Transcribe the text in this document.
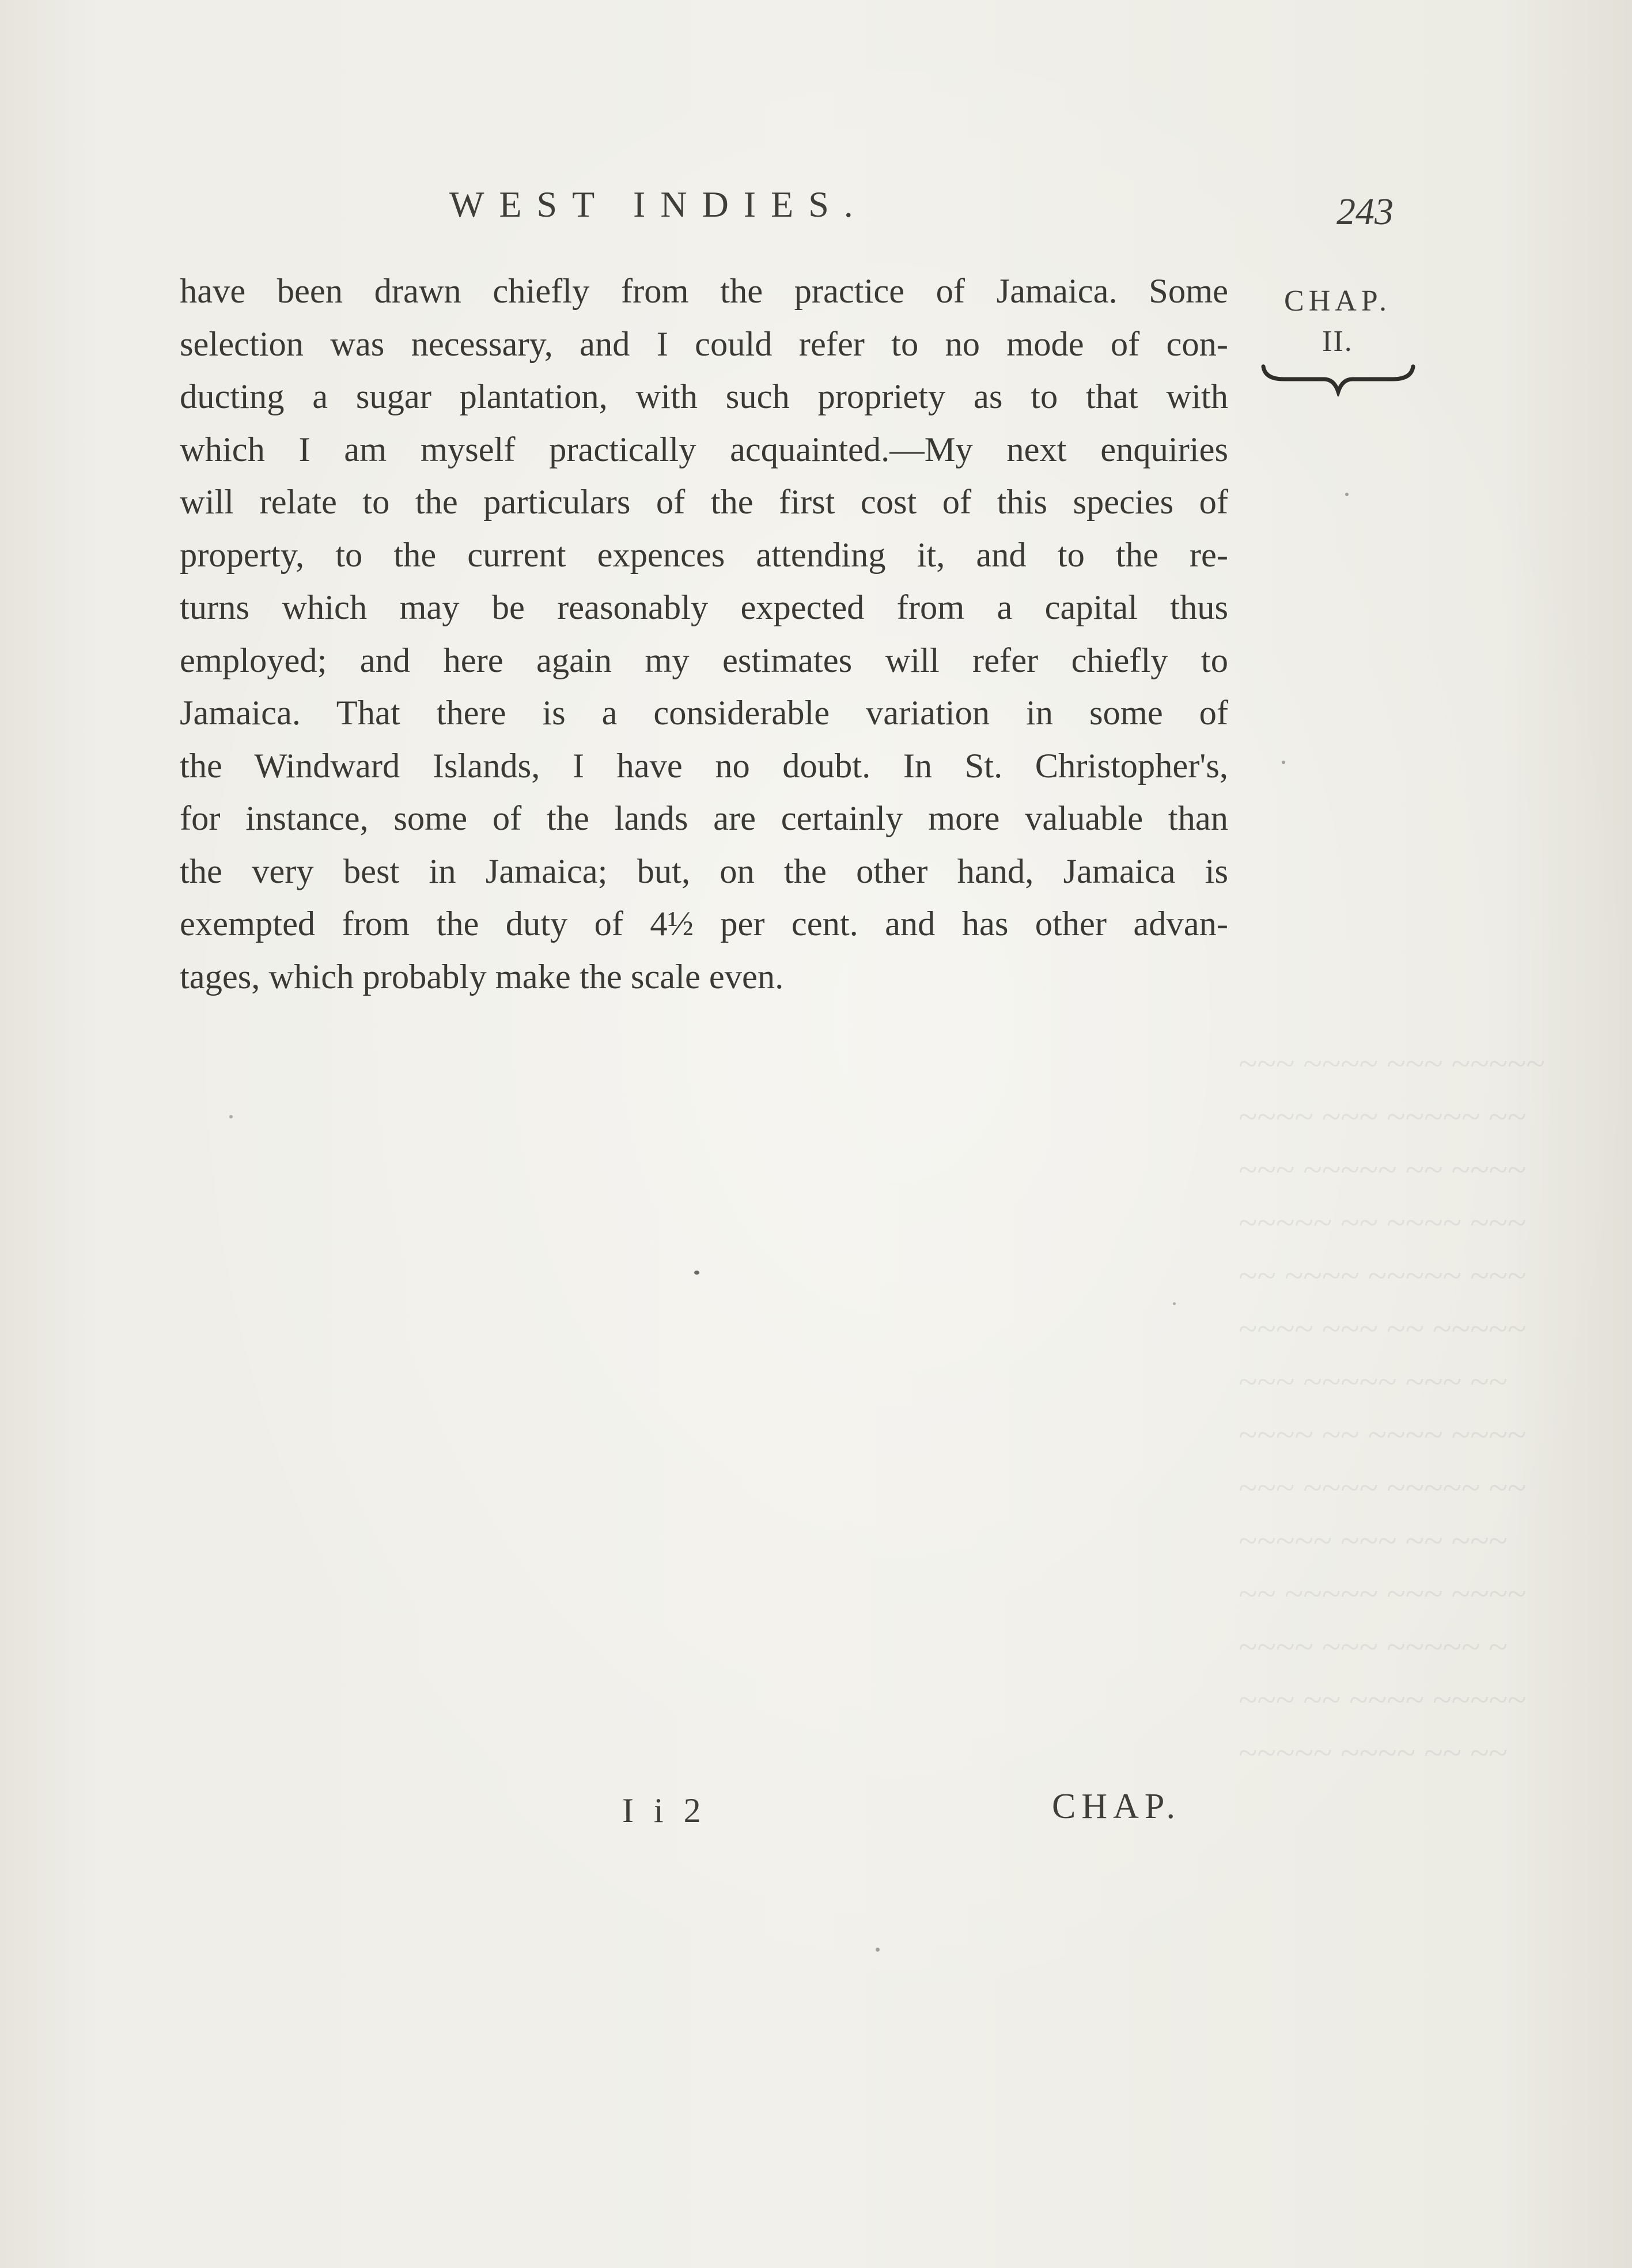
~~~ ~~~~ ~~~ ~~~~~
~~~~ ~~~ ~~~~~ ~~
~~~ ~~~~~ ~~ ~~~~
~~~~~ ~~ ~~~~ ~~~
~~ ~~~~ ~~~~~ ~~~
~~~~ ~~~ ~~ ~~~~~
~~~ ~~~~~ ~~~ ~~
~~~~ ~~ ~~~~ ~~~~
~~~ ~~~~ ~~~~~ ~~
~~~~~ ~~~ ~~ ~~~
~~ ~~~~~ ~~~ ~~~~
~~~~ ~~~ ~~~~~ ~
~~~ ~~ ~~~~ ~~~~~
~~~~~ ~~~~ ~~ ~~
WEST INDIES.	243
have been drawn chiefly from the practice of Jamaica. Some
selection was necessary, and I could refer to no mode of con-
ducting a sugar plantation, with such propriety as to that with
which I am myself practically acquainted.—My next enquiries
will relate to the particulars of the first cost of this species of
property, to the current expences attending it, and to the re-
turns which may be reasonably expected from a capital thus
employed; and here again my estimates will refer chiefly to
Jamaica. That there is a considerable variation in some of
the Windward Islands, I have no doubt. In St. Christopher's,
for instance, some of the lands are certainly more valuable than
the very best in Jamaica; but, on the other hand, Jamaica is
exempted from the duty of 4½ per cent. and has other advan-
tages, which probably make the scale even.
CHAP.
II.
I i 2	CHAP.
